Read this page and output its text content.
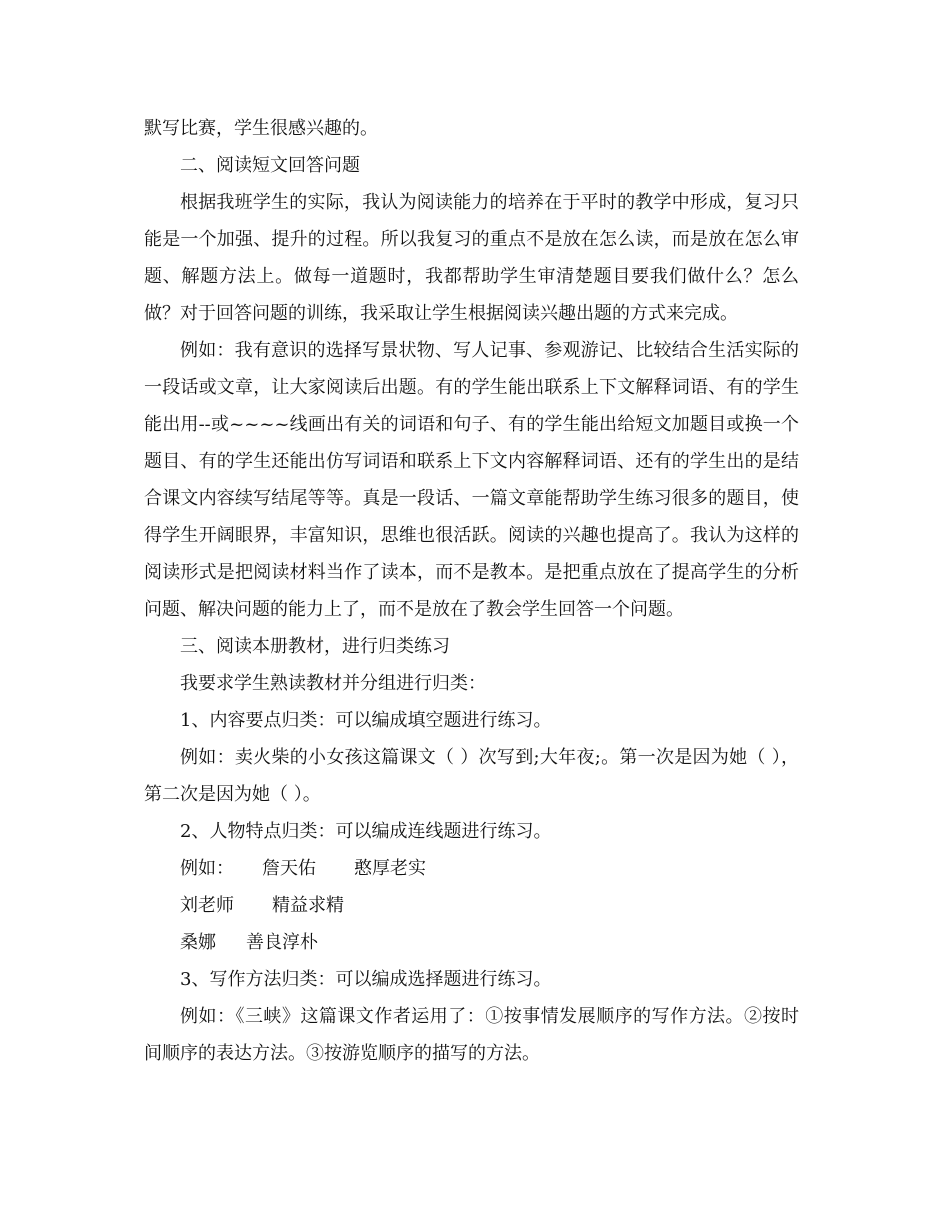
默写比赛，学生很感兴趣的。

二、阅读短文回答问题

根据我班学生的实际，我认为阅读能力的培养在于平时的教学中形成，复习只能是一个加强、提升的过程。所以我复习的重点不是放在怎么读，而是放在怎么审题、解题方法上。做每一道题时，我都帮助学生审清楚题目要我们做什么？怎么做？对于回答问题的训练，我采取让学生根据阅读兴趣出题的方式来完成。

例如：我有意识的选择写景状物、写人记事、参观游记、比较结合生活实际的一段话或文章，让大家阅读后出题。有的学生能出联系上下文解释词语、有的学生能出用--或~~~~线画出有关的词语和句子、有的学生能出给短文加题目或换一个题目、有的学生还能出仿写词语和联系上下文内容解释词语、还有的学生出的是结合课文内容续写结尾等等。真是一段话、一篇文章能帮助学生练习很多的题目，使得学生开阔眼界，丰富知识，思维也很活跃。阅读的兴趣也提高了。我认为这样的阅读形式是把阅读材料当作了读本，而不是教本。是把重点放在了提高学生的分析问题、解决问题的能力上了，而不是放在了教会学生回答一个问题。

三、阅读本册教材，进行归类练习

我要求学生熟读教材并分组进行归类：

1、内容要点归类：可以编成填空题进行练习。

例如：卖火柴的小女孩这篇课文（ ）次写到;大年夜;。第一次是因为她（ ），第二次是因为她（ ）。

2、人物特点归类：可以编成连线题进行练习。

例如： 詹天佑 憨厚老实

刘老师 精益求精

桑娜 善良淳朴

3、写作方法归类：可以编成选择题进行练习。

例如：《三峡》这篇课文作者运用了：①按事情发展顺序的写作方法。②按时间顺序的表达方法。③按游览顺序的描写的方法。
